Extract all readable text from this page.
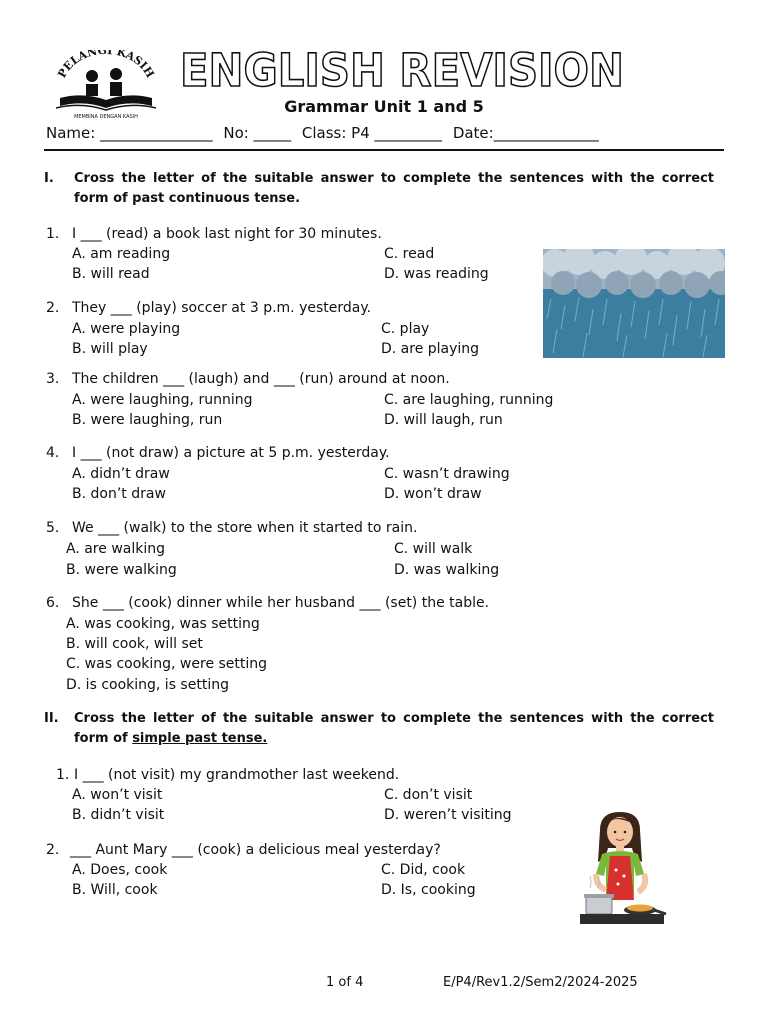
PELANGI KASIH
MEMBINA DENGAN KASIH
ENGLISH REVISION
Grammar Unit 1 and 5
Name: _______________ No: _____ Class: P4 _________ Date:______________
I. Cross the letter of the suitable answer to complete the sentences with the correct form of past continuous tense.
1. I ___ (read) a book last night for 30 minutes.
A. am reading	C. read
B. will read	D. was reading
2. They ___ (play) soccer at 3 p.m. yesterday.
A. were playing	C. play
B. will play	D. are playing
3. The children ___ (laugh) and ___ (run) around at noon.
A. were laughing, running	C. are laughing, running
B. were laughing, run	D. will laugh, run
4. I ___ (not draw) a picture at 5 p.m. yesterday.
A. didn’t draw	C. wasn’t drawing
B. don’t draw	D. won’t draw
5. We ___ (walk) to the store when it started to rain.
A. are walking	C. will walk
B. were walking	D. was walking
6. She ___ (cook) dinner while her husband ___ (set) the table.
A. was cooking, was setting
B. will cook, will set
C. was cooking, were setting
D. is cooking, is setting
II. Cross the letter of the suitable answer to complete the sentences with the correct form of simple past tense.
1. I ___ (not visit) my grandmother last weekend.
A. won’t visit	C. don’t visit
B. didn’t visit	D. weren’t visiting
2. ___ Aunt Mary ___ (cook) a delicious meal yesterday?
A. Does, cook	C. Did, cook
B. Will, cook	D. Is, cooking
1 of 4	E/P4/Rev1.2/Sem2/2024-2025
